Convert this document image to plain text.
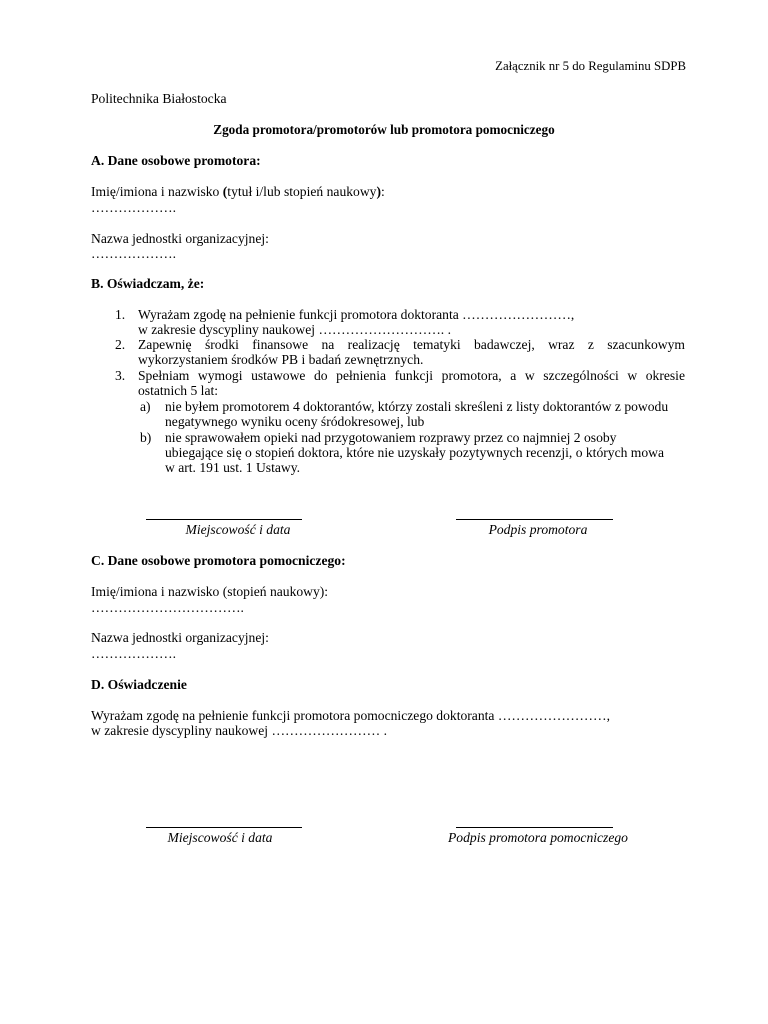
Załącznik nr 5 do Regulaminu SDPB
Politechnika Białostocka
Zgoda promotora/promotorów lub promotora pomocniczego
A. Dane osobowe promotora:
Imię/imiona i nazwisko (tytuł i/lub stopień naukowy):
……………….
Nazwa jednostki organizacyjnej:
……………….
B. Oświadczam, że:
1. Wyrażam zgodę na pełnienie funkcji promotora doktoranta ……………………,
w zakresie dyscypliny naukowej ………………………. .
2. Zapewnię środki finansowe na realizację tematyki badawczej, wraz z szacunkowym
wykorzystaniem środków PB i badań zewnętrznych.
3. Spełniam wymogi ustawowe do pełnienia funkcji promotora, a w szczególności w okresie
ostatnich 5 lat:
a) nie byłem promotorem 4 doktorantów, którzy zostali skreśleni z listy doktorantów z powodu
negatywnego wyniku oceny śródokresowej, lub
b) nie sprawowałem opieki nad przygotowaniem rozprawy przez co najmniej 2 osoby
ubiegające się o stopień doktora, które nie uzyskały pozytywnych recenzji, o których mowa
w art. 191 ust. 1 Ustawy.
Miejscowość i data	Podpis promotora
C. Dane osobowe promotora pomocniczego:
Imię/imiona i nazwisko (stopień naukowy):
…………………………….
Nazwa jednostki organizacyjnej:
……………….
D. Oświadczenie
Wyrażam zgodę na pełnienie funkcji promotora pomocniczego doktoranta ……………………,
w zakresie dyscypliny naukowej …………………… .
Miejscowość i data	Podpis promotora pomocniczego
